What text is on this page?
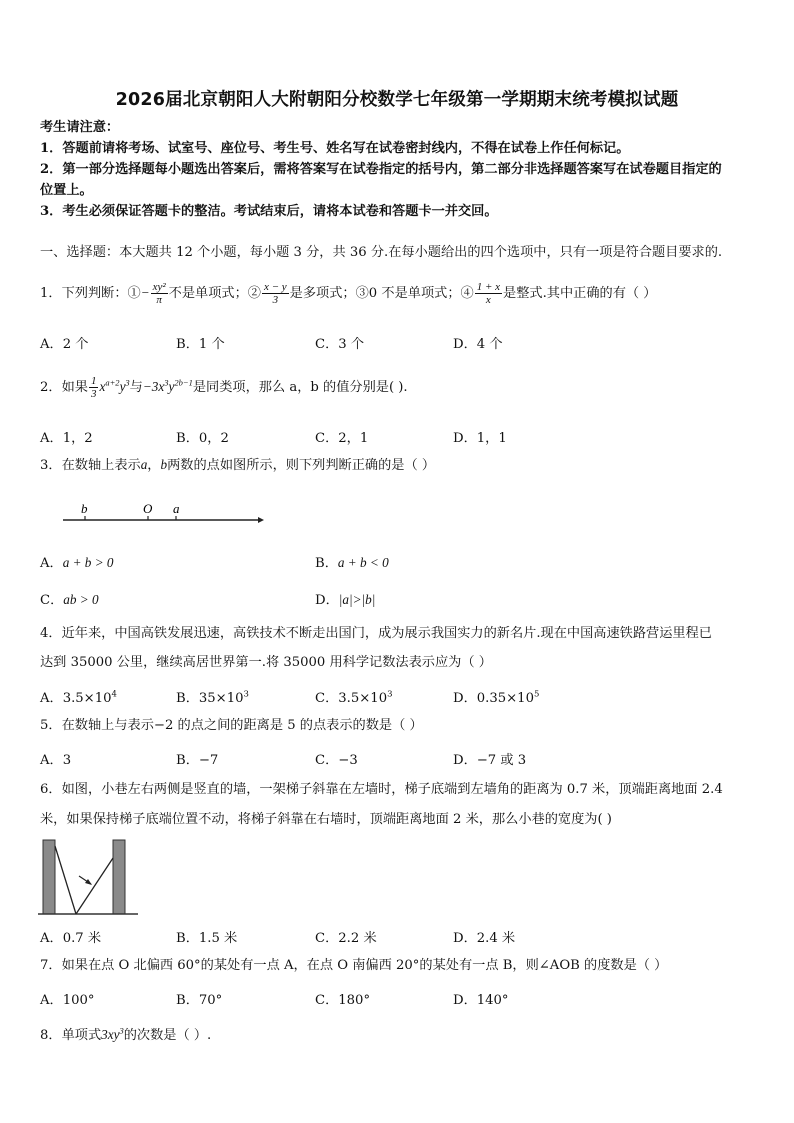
2026届北京朝阳人大附朝阳分校数学七年级第一学期期末统考模拟试题
考生请注意：
1．答题前请将考场、试室号、座位号、考生号、姓名写在试卷密封线内，不得在试卷上作任何标记。
2．第一部分选择题每小题选出答案后，需将答案写在试卷指定的括号内，第二部分非选择题答案写在试卷题目指定的
位置上。
3．考生必须保证答题卡的整洁。考试结束后，请将本试卷和答题卡一并交回。
一、选择题：本大题共 12 个小题，每小题 3 分，共 36 分.在每小题给出的四个选项中，只有一项是符合题目要求的.
1．下列判断：①− $\frac{\text{xy²}}{\pi}$ 不是单项式；② $\frac{x - y}{3}$ 是多项式；③0 不是单项式；④ $\frac{1 + x}{x}$ 是整式.其中正确的有（ ）
A．2 个	B．1 个	C．3 个	D．4 个
2．如果 $\frac{1}{3} x^{a+2}y^3$与$-3x^3y^{2b-1}$是同类项，那么 a，b 的值分别是( ).
A．1，2	B．0，2	C．2，1	D．1，1
3．在数轴上表示a，b两数的点如图所示，则下列判断正确的是（ ）
b	O a
A．a + b > 0	B．a + b < 0
C．ab > 0	D．|a|>|b|
4．近年来，中国高铁发展迅速，高铁技术不断走出国门，成为展示我国实力的新名片.现在中国高速铁路营运里程已
达到 35000 公里，继续高居世界第一.将 35000 用科学记数法表示应为（ ）
A．$3.5\times 10^4$	B．$35\times 10^3$	C．$3.5\times 10^3$	D．$0.35\times 10^5$
5．在数轴上与表示−2 的点之间的距离是 5 的点表示的数是（ ）
A．3	B．−7	C．−3	D．−7 或 3
6．如图，小巷左右两侧是竖直的墙，一架梯子斜靠在左墙时，梯子底端到左墙角的距离为 0.7 米，顶端距离地面 2.4
米，如果保持梯子底端位置不动，将梯子斜靠在右墙时，顶端距离地面 2 米，那么小巷的宽度为( )
A．0.7 米	B．1.5 米	C．2.2 米	D．2.4 米
7．如果在点 O 北偏西 60°的某处有一点 A，在点 O 南偏西 20°的某处有一点 B，则∠AOB 的度数是（ ）
A．100°	B．70°	C．180°	D．140°
8．单项式$3xy^3$的次数是（ ）.
